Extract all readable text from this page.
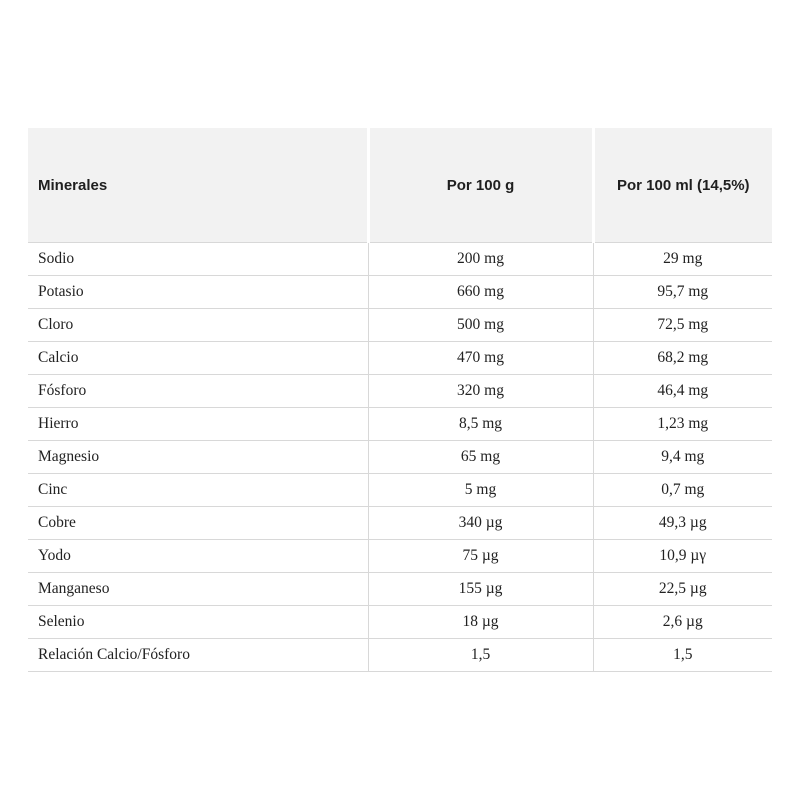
Minerales	Por 100 g	Por 100 ml (14,5%)
Sodio	200 mg	29 mg
Potasio	660 mg	95,7 mg
Cloro	500 mg	72,5 mg
Calcio	470 mg	68,2 mg
Fósforo	320 mg	46,4 mg
Hierro	8,5 mg	1,23 mg
Magnesio	65 mg	9,4 mg
Cinc	5 mg	0,7 mg
Cobre	340 µg	49,3 µg
Yodo	75 µg	10,9 µγ
Manganeso	155 µg	22,5 µg
Selenio	18 µg	2,6 µg
Relación Calcio/Fósforo	1,5	1,5
